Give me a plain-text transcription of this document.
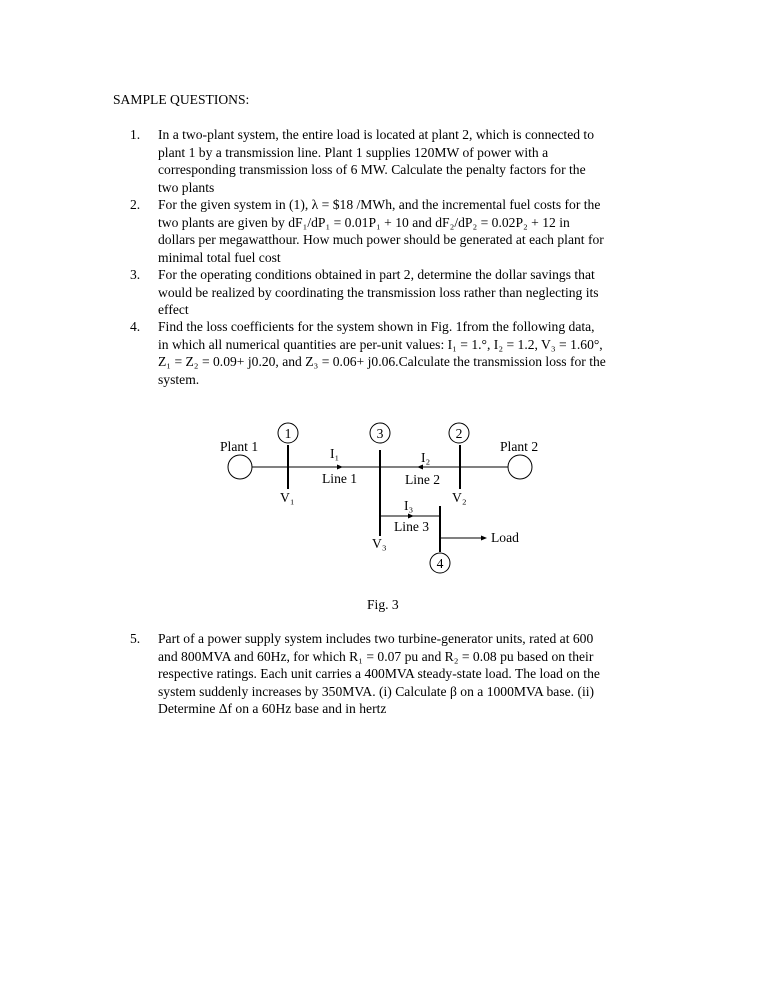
SAMPLE QUESTIONS:
1. In a two-plant system, the entire load is located at plant 2, which is connected to
plant 1 by a transmission line. Plant 1 supplies 120MW of power with a
corresponding transmission loss of 6 MW. Calculate the penalty factors for the
two plants
2. For the given system in (1), λ = $18 /MWh, and the incremental fuel costs for the
two plants are given by dF₁/dP₁ = 0.01P₁ + 10 and dF₂/dP₂ = 0.02P₂ + 12 in
dollars per megawatthour. How much power should be generated at each plant for
minimal total fuel cost
3. For the operating conditions obtained in part 2, determine the dollar savings that
would be realized by coordinating the transmission loss rather than neglecting its
effect
4. Find the loss coefficients for the system shown in Fig. 1from the following data,
in which all numerical quantities are per-unit values: I₁ = 1.°, I₂ = 1.2, V₃ = 1.60°,
Z₁ = Z₂ = 0.09+ j0.20, and Z₃ = 0.06+ j0.06.Calculate the transmission loss for the
system.
1	3	2
4
Plant 1	Plant 2
I₁	I₂
I₃
Line 1	Line 2
Line 3
V₁	V₂
V₃	Load
Fig. 3
5. Part of a power supply system includes two turbine-generator units, rated at 600
and 800MVA and 60Hz, for which R₁ = 0.07 pu and R₂ = 0.08 pu based on their
respective ratings. Each unit carries a 400MVA steady-state load. The load on the
system suddenly increases by 350MVA. (i) Calculate β on a 1000MVA base. (ii)
Determine Δf on a 60Hz base and in hertz
